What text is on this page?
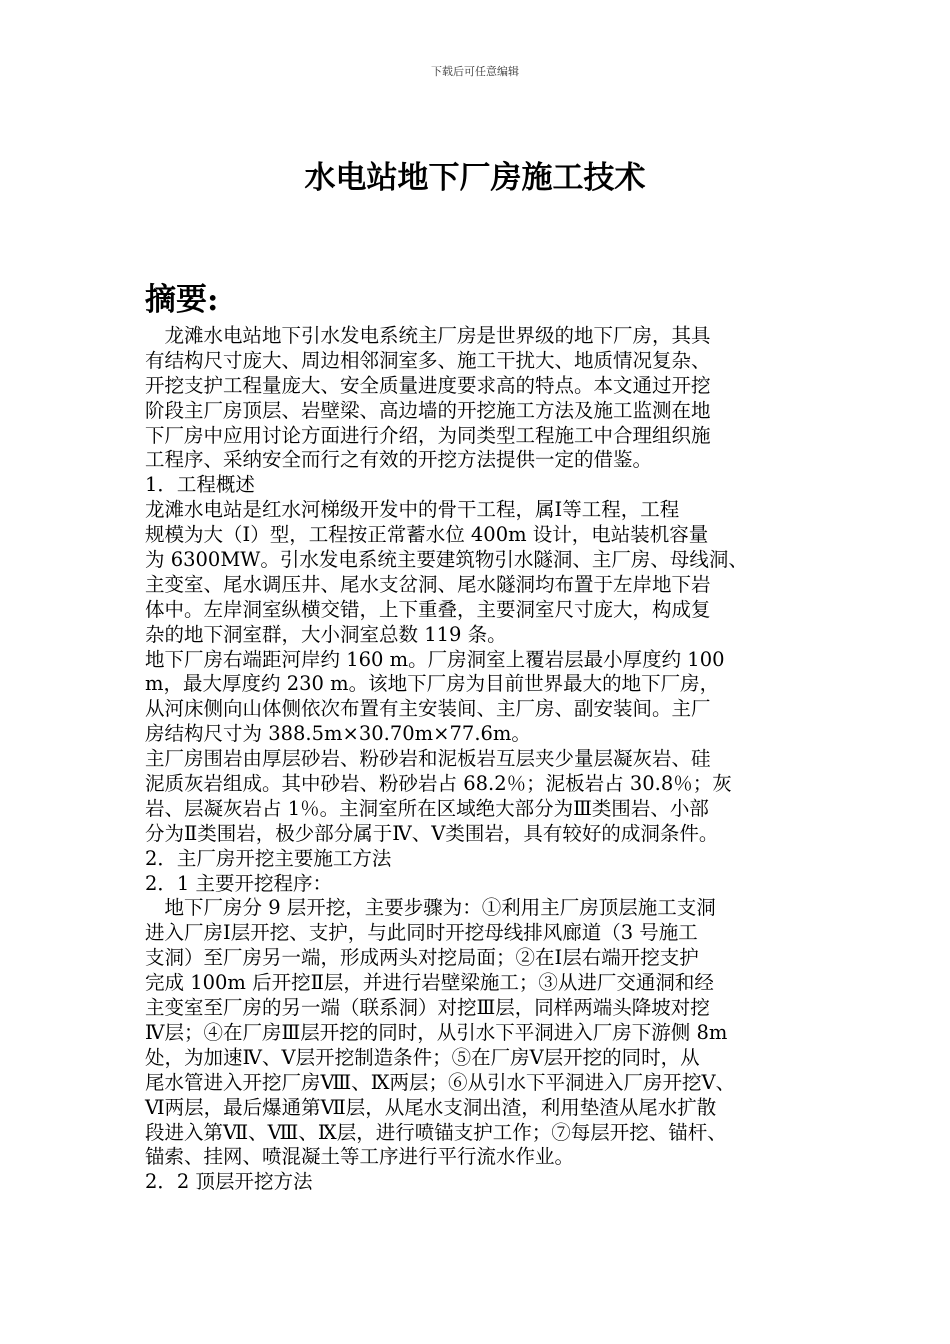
下载后可任意编辑
水电站地下厂房施工技术
摘要:
　龙滩水电站地下引水发电系统主厂房是世界级的地下厂房，其具
有结构尺寸庞大、周边相邻洞室多、施工干扰大、地质情况复杂、
开挖支护工程量庞大、安全质量进度要求高的特点。本文通过开挖
阶段主厂房顶层、岩壁梁、高边墙的开挖施工方法及施工监测在地
下厂房中应用讨论方面进行介绍，为同类型工程施工中合理组织施
工程序、采纳安全而行之有效的开挖方法提供一定的借鉴。
1．工程概述
龙滩水电站是红水河梯级开发中的骨干工程，属Ⅰ等工程，工程
规模为大（Ⅰ）型，工程按正常蓄水位 400m 设计，电站装机容量
为 6300MW。引水发电系统主要建筑物引水隧洞、主厂房、母线洞、
主变室、尾水调压井、尾水支岔洞、尾水隧洞均布置于左岸地下岩
体中。左岸洞室纵横交错，上下重叠，主要洞室尺寸庞大，构成复
杂的地下洞室群，大小洞室总数 119 条。
地下厂房右端距河岸约 160 m。厂房洞室上覆岩层最小厚度约 100
m，最大厚度约 230 m。该地下厂房为目前世界最大的地下厂房，
从河床侧向山体侧依次布置有主安装间、主厂房、副安装间。主厂
房结构尺寸为 388.5m×30.70m×77.6m。
主厂房围岩由厚层砂岩、粉砂岩和泥板岩互层夹少量层凝灰岩、硅
泥质灰岩组成。其中砂岩、粉砂岩占 68.2％；泥板岩占 30.8％；灰
岩、层凝灰岩占 1％。主洞室所在区域绝大部分为Ⅲ类围岩、小部
分为Ⅱ类围岩，极少部分属于Ⅳ、Ⅴ类围岩，具有较好的成洞条件。
2．主厂房开挖主要施工方法
2．1 主要开挖程序：
　地下厂房分 9 层开挖，主要步骤为：①利用主厂房顶层施工支洞
进入厂房Ⅰ层开挖、支护，与此同时开挖母线排风廊道（3 号施工
支洞）至厂房另一端，形成两头对挖局面；②在Ⅰ层右端开挖支护
完成 100m 后开挖Ⅱ层，并进行岩壁梁施工；③从进厂交通洞和经
主变室至厂房的另一端（联系洞）对挖Ⅲ层，同样两端头降坡对挖
Ⅳ层；④在厂房Ⅲ层开挖的同时，从引水下平洞进入厂房下游侧 8m
处，为加速Ⅳ、Ⅴ层开挖制造条件；⑤在厂房Ⅴ层开挖的同时，从
尾水管进入开挖厂房Ⅷ、Ⅸ两层；⑥从引水下平洞进入厂房开挖Ⅴ、
Ⅵ两层，最后爆通第Ⅶ层，从尾水支洞出渣，利用垫渣从尾水扩散
段进入第Ⅶ、Ⅷ、Ⅸ层，进行喷锚支护工作；⑦每层开挖、锚杆、
锚索、挂网、喷混凝土等工序进行平行流水作业。
2．2 顶层开挖方法
